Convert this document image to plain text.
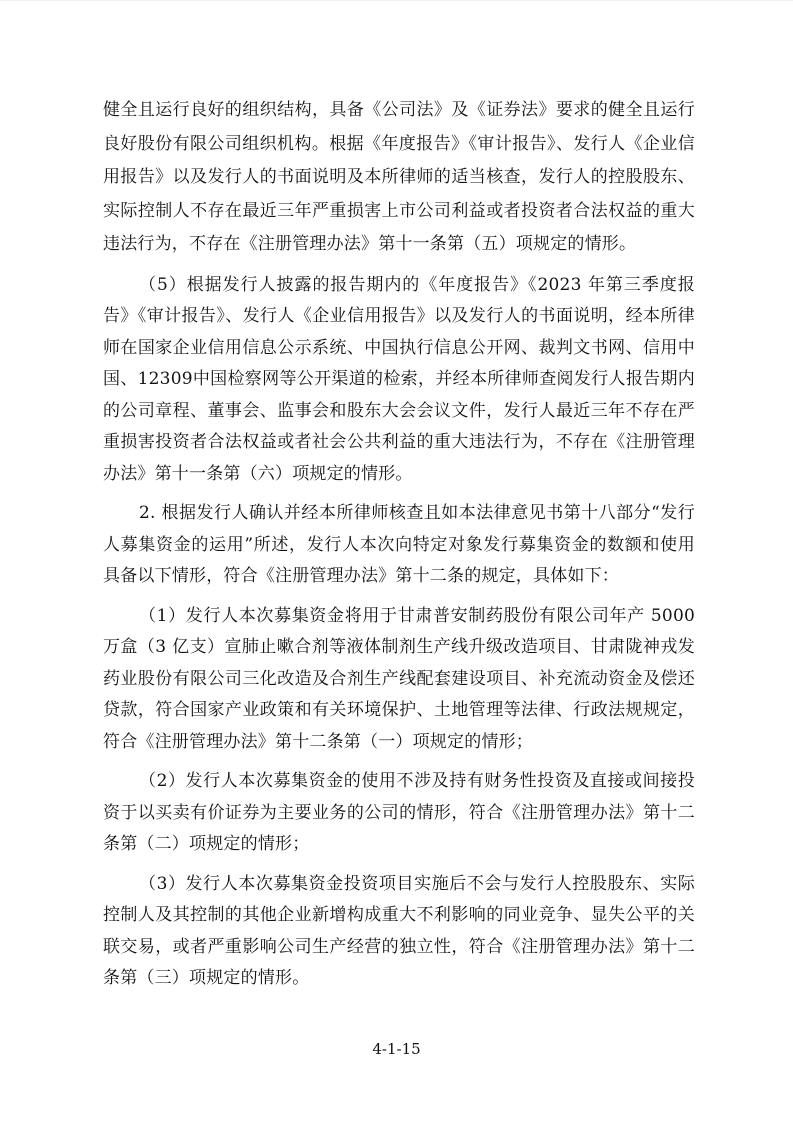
健全且运行良好的组织结构，具备《公司法》及《证券法》要求的健全且运行良好股份有限公司组织机构。根据《年度报告》《审计报告》、发行人《企业信用报告》以及发行人的书面说明及本所律师的适当核查，发行人的控股股东、实际控制人不存在最近三年严重损害上市公司利益或者投资者合法权益的重大违法行为，不存在《注册管理办法》第十一条第（五）项规定的情形。

（5）根据发行人披露的报告期内的《年度报告》《2023 年第三季度报告》《审计报告》、发行人《企业信用报告》以及发行人的书面说明，经本所律师在国家企业信用信息公示系统、中国执行信息公开网、裁判文书网、信用中国、12309中国检察网等公开渠道的检索，并经本所律师查阅发行人报告期内的公司章程、董事会、监事会和股东大会会议文件，发行人最近三年不存在严重损害投资者合法权益或者社会公共利益的重大违法行为，不存在《注册管理办法》第十一条第（六）项规定的情形。

2. 根据发行人确认并经本所律师核查且如本法律意见书第十八部分“发行人募集资金的运用”所述，发行人本次向特定对象发行募集资金的数额和使用具备以下情形，符合《注册管理办法》第十二条的规定，具体如下：

（1）发行人本次募集资金将用于甘肃普安制药股份有限公司年产 5000 万盒（3 亿支）宣肺止嗽合剂等液体制剂生产线升级改造项目、甘肃陇神戎发药业股份有限公司三化改造及合剂生产线配套建设项目、补充流动资金及偿还贷款，符合国家产业政策和有关环境保护、土地管理等法律、行政法规规定，符合《注册管理办法》第十二条第（一）项规定的情形；

（2）发行人本次募集资金的使用不涉及持有财务性投资及直接或间接投资于以买卖有价证券为主要业务的公司的情形，符合《注册管理办法》第十二条第（二）项规定的情形；

（3）发行人本次募集资金投资项目实施后不会与发行人控股股东、实际控制人及其控制的其他企业新增构成重大不利影响的同业竞争、显失公平的关联交易，或者严重影响公司生产经营的独立性，符合《注册管理办法》第十二条第（三）项规定的情形。

4-1-15
